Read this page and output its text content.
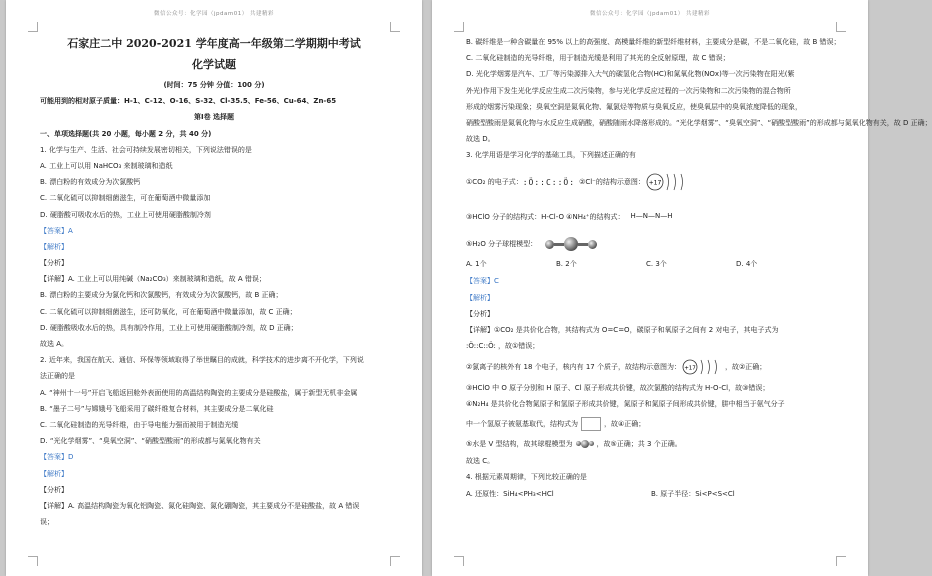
微信公众号：化学园（jpdam01） 共建精彩
石家庄二中 2020-2021 学年度高一年级第二学期期中考试
化学试题
(时间：75 分钟 分值：100 分)
可能用到的相对原子质量：H-1、C-12、O-16、S-32、Cl-35.5、Fe-56、Cu-64、Zn-65
第Ⅰ卷 选择题
一、单项选择题(共 20 小题，每小题 2 分，共 40 分)
1. 化学与生产、生活、社会可持续发展密切相关，下列说法错误的是
A. 工业上可以用 NaHCO₃ 来制玻璃和造纸
B. 漂白粉的有效成分为次氯酸钙
C. 二氧化硫可以抑制细菌滋生，可在葡萄酒中微量添加
D. 硬脂酸可吸收水后的热，工业上可使用硬脂酸制冷剂
【答案】A
【解析】
【分析】
【详解】A. 工业上可以用纯碱（Na₂CO₃）来制玻璃和造纸，故 A 错误；
B. 漂白粉的主要成分为氯化钙和次氯酸钙，有效成分为次氯酸钙，故 B 正确；
C. 二氧化硫可以抑制细菌滋生，还可防氧化，可在葡萄酒中微量添加，故 C 正确；
D. 硬脂酸吸收水后的热，具有制冷作用，工业上可使用硬脂酸制冷剂，故 D 正确；
故选 A。
2. 近年来，我国在航天、通信、环保等领域取得了举世瞩目的成就，科学技术的进步离不开化学，下列说
法正确的是
A. “神州十一号”开启飞船返回舱外表面使用的高温结构陶瓷的主要成分是硅酸盐，属于新型无机非金属
B. “墨子二号”与嫦娥号飞船采用了碳纤维复合材料，其主要成分是二氧化硅
C. 二氧化硅制造的光导纤维，由于导电能力强而被用于制造光缆
D. “光化学烟雾”、“臭氧空洞”、“硝酸型酸雨”的形成都与氮氧化物有关
【答案】D
【解析】
【分析】
【详解】A. 高温结构陶瓷为氧化铝陶瓷、氮化硅陶瓷、氮化硼陶瓷，其主要成分不是硅酸盐，故 A 错误
误；
微信公众号：化学园（jpdam01） 共建精彩
B. 碳纤维是一种含碳量在 95% 以上的高强度、高模量纤维的新型纤维材料，主要成分是碳，不是二氧化硅，故 B 错误；
C. 二氧化硅制造的光导纤维，用于制造光缆是利用了其光的全反射原理，故 C 错误；
D. 光化学烟雾是汽车、工厂等污染源排入大气的碳氢化合物(HC)和氮氧化物(NOx)等一次污染物在阳光(紫
外光)作用下发生光化学反应生成二次污染物，参与光化学反应过程的一次污染物和二次污染物的混合物所
形成的烟雾污染现象；臭氧空洞是氮氧化物、氟氯烃等物质与臭氧反应，使臭氧层中的臭氧浓度降低的现象，
硝酸型酸雨是氮氧化物与水反应生成硝酸，硝酸随雨水降落形成的。“光化学烟雾”、“臭氧空洞”、“硝酸型酸雨”的形成都与氮氧化物有关，故 D 正确；
故选 D。
3. 化学用语是学习化学的基础工具，下列描述正确的有
①CO₂ 的电子式： :Ö::C::Ö: ②Cl⁻的结构示意图： +17
③HClO 分子的结构式：H-Cl-O ④NH₄⁺的结构式： H—N—N—H
⑤H₂O 分子球棍模型：
A. 1个	B. 2个	C. 3个	D. 4个
【答案】C
【解析】
【分析】
【详解】①CO₂ 是共价化合物，其结构式为 O=C=O，碳原子和氧原子之间有 2 对电子，其电子式为
:Ö::C::Ö: ，故①错误；
②氯离子的核外有 18 个电子，核内有 17 个质子，故结构示意图为： +17	，故②正确；
③HClO 中 O 原子分别和 H 原子、Cl 原子形成共价键，故次氯酸的结构式为 H-O-Cl，故③错误；
④N₂H₄ 是共价化合物氮原子和氢原子形成共价键，氮原子和氮原子间形成共价键，肼中相当于氨气分子
中一个氢原子被氨基取代，结构式为	，故④正确；
⑤水是 V 型结构，故其球棍模型为	，故⑤正确；共 3 个正确。
故选 C。
4. 根据元素周期律，下列比较正确的是
A. 还原性：SiH₄<PH₃<HCl	B. 原子半径：Si<P<S<Cl
